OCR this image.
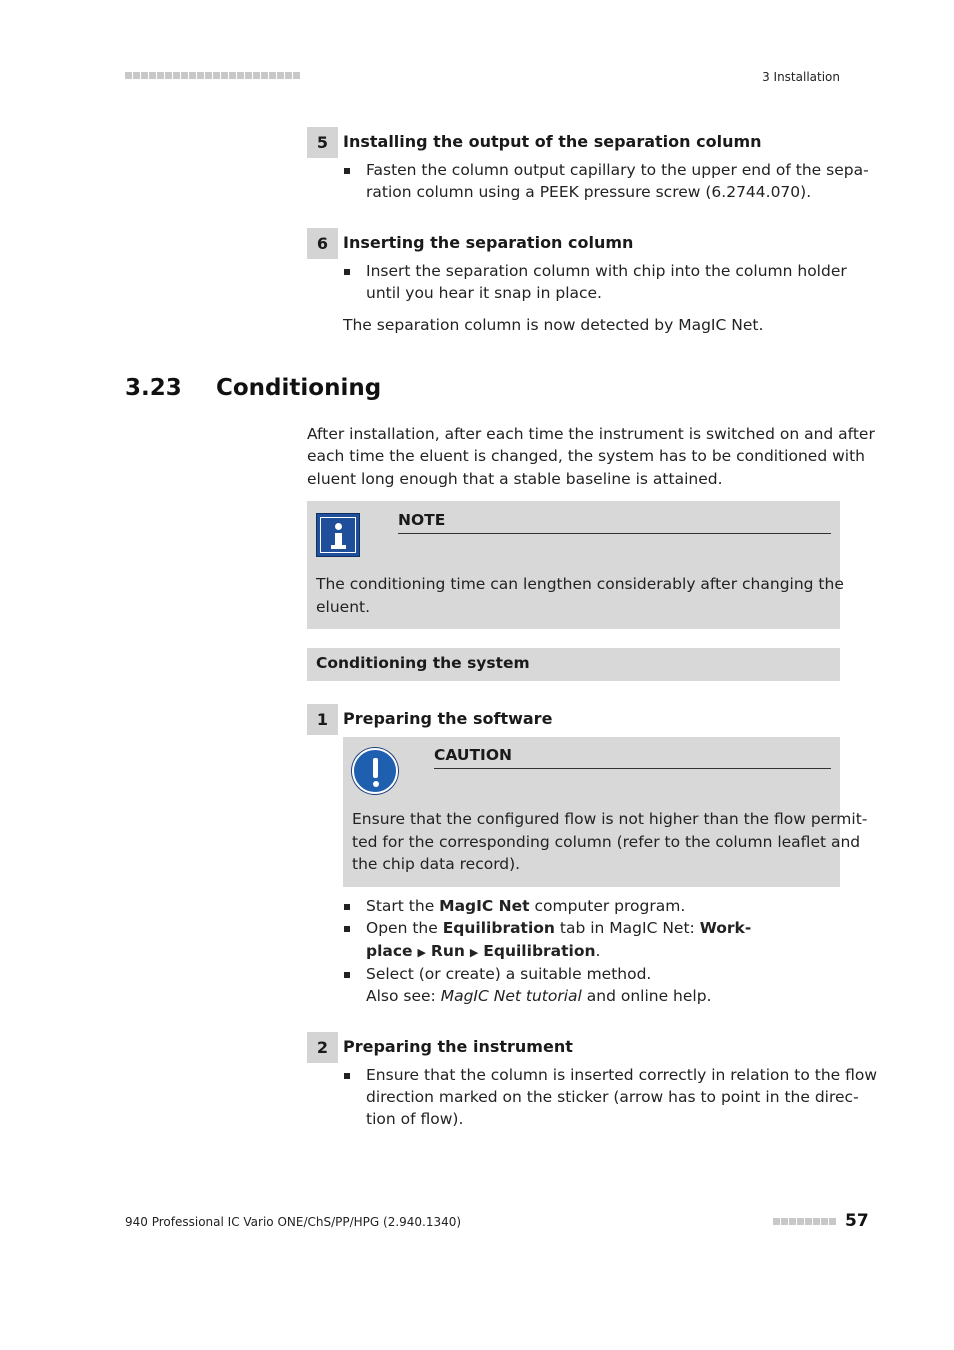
3 Installation
5 Installing the output of the separation column
Fasten the column output capillary to the upper end of the sepa-
ration column using a PEEK pressure screw (6.2744.070).
6 Inserting the separation column
Insert the separation column with chip into the column holder
until you hear it snap in place.
The separation column is now detected by MagIC Net.
3.23 Conditioning
After installation, after each time the instrument is switched on and after
each time the eluent is changed, the system has to be conditioned with
eluent long enough that a stable baseline is attained.
NOTE
The conditioning time can lengthen considerably after changing the
eluent.
Conditioning the system
1 Preparing the software
CAUTION
Ensure that the configured flow is not higher than the flow permit-
ted for the corresponding column (refer to the column leaflet and
the chip data record).
Start the MagIC Net computer program.
Open the Equilibration tab in MagIC Net: Work-
place ▶ Run ▶ Equilibration.
Select (or create) a suitable method.
Also see: MagIC Net tutorial and online help.
2 Preparing the instrument
Ensure that the column is inserted correctly in relation to the flow
direction marked on the sticker (arrow has to point in the direc-
tion of flow).
940 Professional IC Vario ONE/ChS/PP/HPG (2.940.1340)	57
